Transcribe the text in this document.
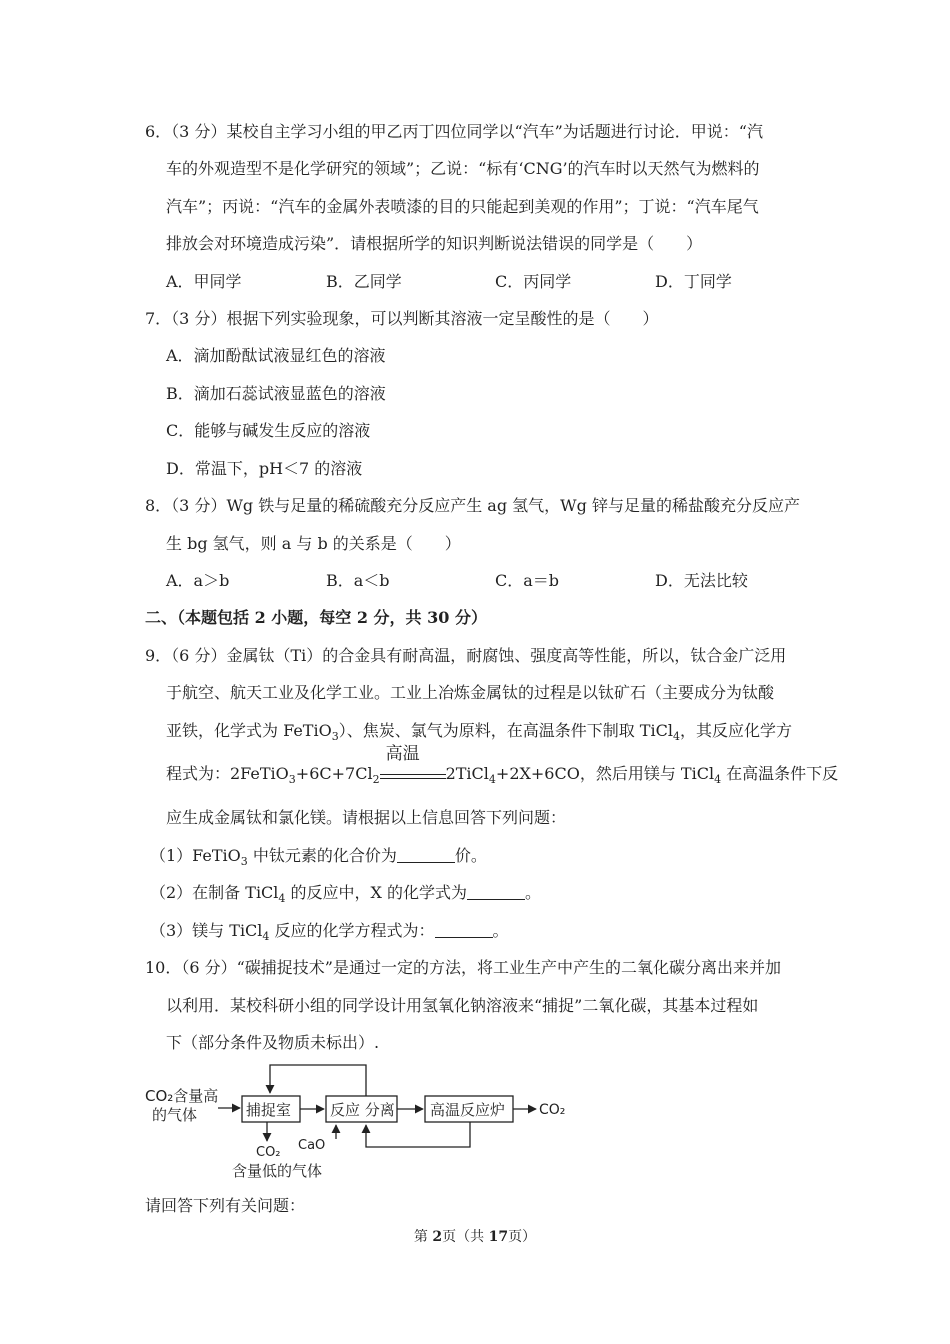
6．（3 分）某校自主学习小组的甲乙丙丁四位同学以“汽车”为话题进行讨论．甲说：“汽
车的外观造型不是化学研究的领域”；乙说：“标有‘CNG’的汽车时以天然气为燃料的
汽车”；丙说：“汽车的金属外表喷漆的目的只能起到美观的作用”；丁说：“汽车尾气
排放会对环境造成污染”．请根据所学的知识判断说法错误的同学是（　　）
A．甲同学	B．乙同学	C．丙同学	D．丁同学
7．（3 分）根据下列实验现象，可以判断其溶液一定呈酸性的是（　　）
A．滴加酚酞试液显红色的溶液
B．滴加石蕊试液显蓝色的溶液
C．能够与碱发生反应的溶液
D．常温下，pH＜7 的溶液
8．（3 分）Wg 铁与足量的稀硫酸充分反应产生 ag 氢气，Wg 锌与足量的稀盐酸充分反应产
生 bg 氢气，则 a 与 b 的关系是（　　）
A．a＞b	B．a＜b	C．a＝b	D．无法比较
二、（本题包括 2 小题，每空 2 分，共 30 分）
9．（6 分）金属钛（Ti）的合金具有耐高温，耐腐蚀、强度高等性能，所以，钛合金广泛用
于航空、航天工业及化学工业。工业上冶炼金属钛的过程是以钛矿石（主要成分为钛酸
亚铁，化学式为 FeTiO$_3$）、焦炭、氯气为原料，在高温条件下制取 TiCl$_4$，其反应化学方
程式为：$2FeTiO_3+6C+7Cl_2$
高温
2TiCl$_4$+2X+6CO，然后用镁与 TiCl$_4$ 在高温条件下反
应生成金属钛和氯化镁。请根据以上信息回答下列问题：
（1）FeTiO$_3$ 中钛元素的化合价为	价。
（2）在制备 TiCl$_4$ 的反应中，X 的化学式为	。
（3）镁与 TiCl$_4$ 反应的化学方程式为：	。
10．（6 分）“碳捕捉技术”是通过一定的方法，将工业生产中产生的二氧化碳分离出来并加
以利用．某校科研小组的同学设计用氢氧化钠溶液来“捕捉”二氧化碳，其基本过程如
下（部分条件及物质未标出）.
CO₂含量高
的气体	捕捉室	反应 分离 高温反应炉 CO₂
CO₂
含量低的气体
CaO
请回答下列有关问题：
第 2页（共 17页）
